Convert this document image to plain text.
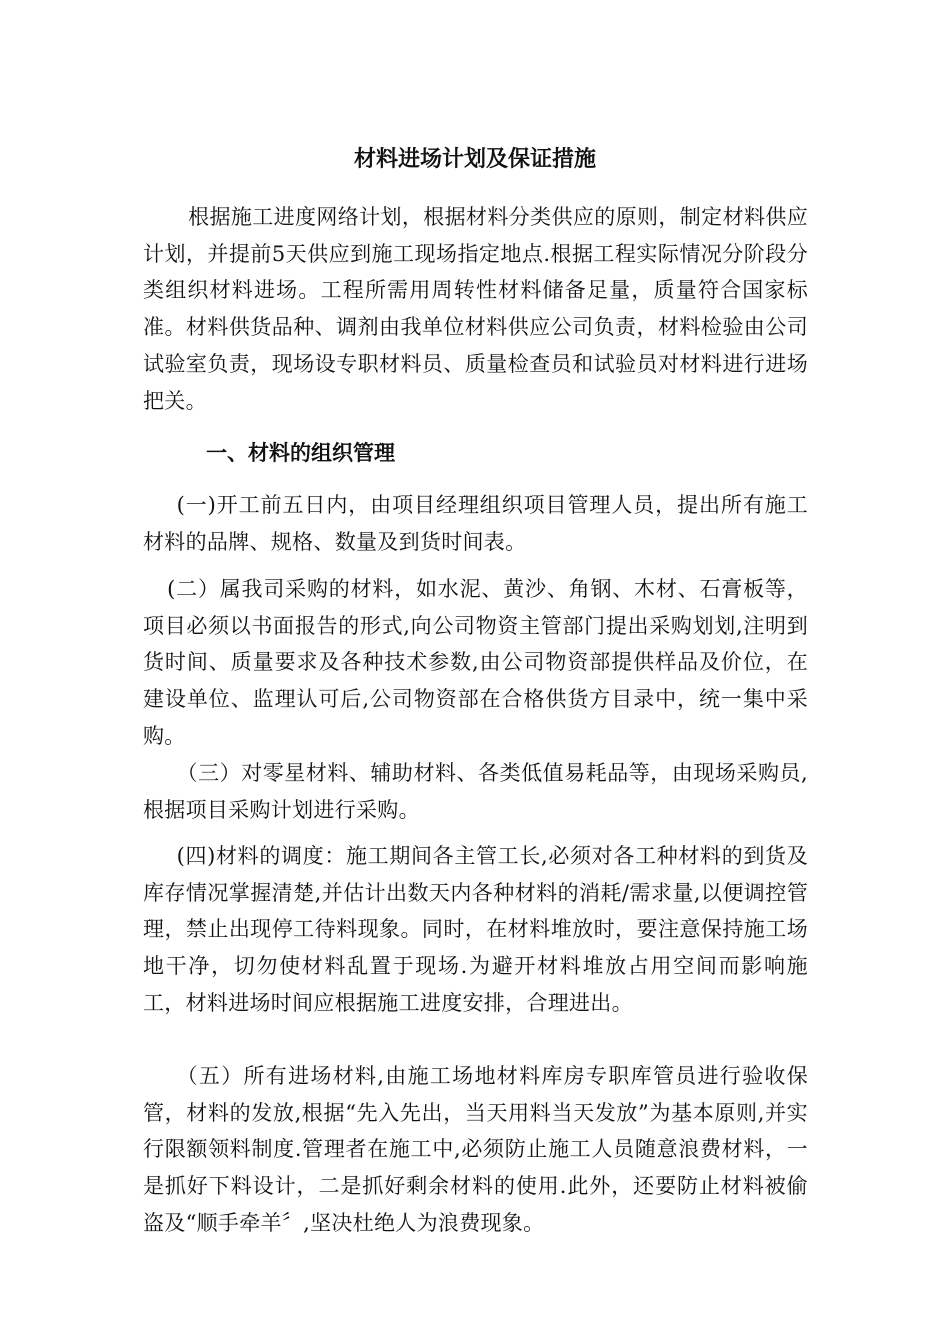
材料进场计划及保证措施

根据施工进度网络计划，根据材料分类供应的原则，制定材料供应计划，并提前5天供应到施工现场指定地点.根据工程实际情况分阶段分类组织材料进场。工程所需用周转性材料储备足量，质量符合国家标准。材料供货品种、调剂由我单位材料供应公司负责，材料检验由公司试验室负责，现场设专职材料员、质量检查员和试验员对材料进行进场把关。

一、材料的组织管理

(一)开工前五日内，由项目经理组织项目管理人员，提出所有施工材料的品牌、规格、数量及到货时间表。

(二）属我司采购的材料，如水泥、黄沙、角钢、木材、石膏板等，项目必须以书面报告的形式,向公司物资主管部门提出采购划划,注明到货时间、质量要求及各种技术参数,由公司物资部提供样品及价位，在建设单位、监理认可后,公司物资部在合格供货方目录中，统一集中采购。

（三）对零星材料、辅助材料、各类低值易耗品等，由现场采购员,根据项目采购计划进行采购。

(四)材料的调度：施工期间各主管工长,必须对各工种材料的到货及库存情况掌握清楚,并估计出数天内各种材料的消耗/需求量,以便调控管理，禁止出现停工待料现象。同时，在材料堆放时，要注意保持施工场地干净，切勿使材料乱置于现场.为避开材料堆放占用空间而影响施工，材料进场时间应根据施工进度安排，合理进出。

（五）所有进场材料,由施工场地材料库房专职库管员进行验收保管，材料的发放,根据“先入先出，当天用料当天发放”为基本原则,并实行限额领料制度.管理者在施工中,必须防止施工人员随意浪费材料，一是抓好下料设计，二是抓好剩余材料的使用.此外，还要防止材料被偷盗及“顺手牵羊〞,坚决杜绝人为浪费现象。
